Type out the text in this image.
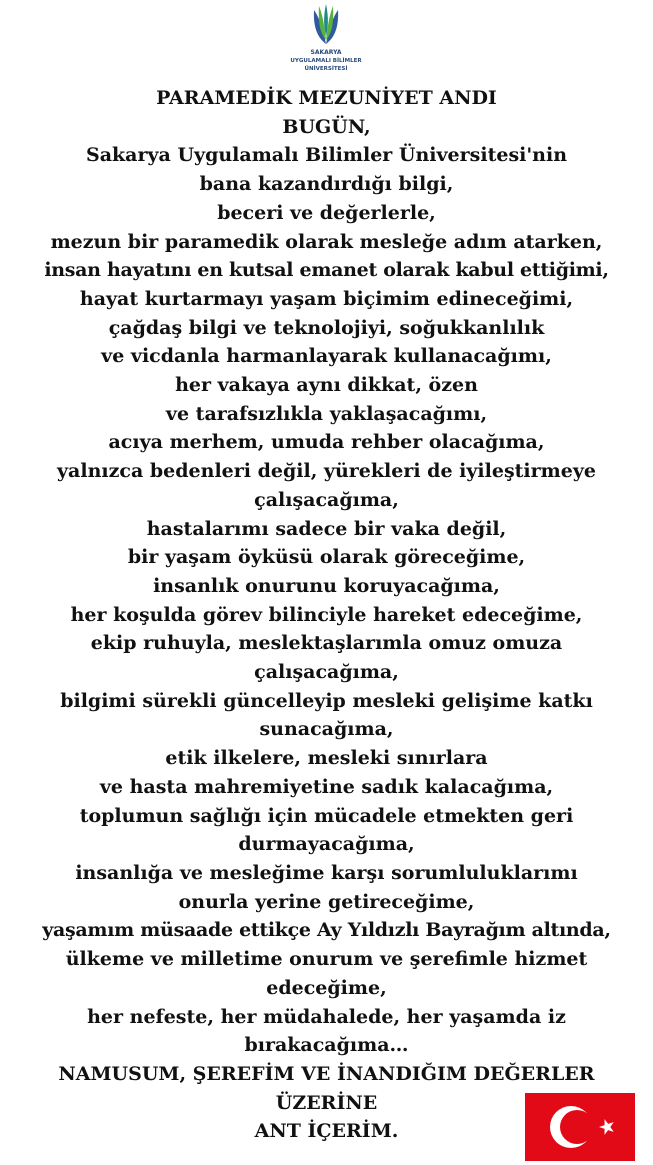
SAKARYA
UYGULAMALI BİLİMLER
ÜNİVERSİTESİ
PARAMEDİK MEZUNİYET ANDI
BUGÜN,
Sakarya Uygulamalı Bilimler Üniversitesi'nin
bana kazandırdığı bilgi,
beceri ve değerlerle,
mezun bir paramedik olarak mesleğe adım atarken,
insan hayatını en kutsal emanet olarak kabul ettiğimi,
hayat kurtarmayı yaşam biçimim edineceğimi,
çağdaş bilgi ve teknolojiyi, soğukkanlılık
ve vicdanla harmanlayarak kullanacağımı,
her vakaya aynı dikkat, özen
ve tarafsızlıkla yaklaşacağımı,
acıya merhem, umuda rehber olacağıma,
yalnızca bedenleri değil, yürekleri de iyileştirmeye
çalışacağıma,
hastalarımı sadece bir vaka değil,
bir yaşam öyküsü olarak göreceğime,
insanlık onurunu koruyacağıma,
her koşulda görev bilinciyle hareket edeceğime,
ekip ruhuyla, meslektaşlarımla omuz omuza
çalışacağıma,
bilgimi sürekli güncelleyip mesleki gelişime katkı
sunacağıma,
etik ilkelere, mesleki sınırlara
ve hasta mahremiyetine sadık kalacağıma,
toplumun sağlığı için mücadele etmekten geri
durmayacağıma,
insanlığa ve mesleğime karşı sorumluluklarımı
onurla yerine getireceğime,
yaşamım müsaade ettikçe Ay Yıldızlı Bayrağım altında,
ülkeme ve milletime onurum ve şerefimle hizmet
edeceğime,
her nefeste, her müdahalede, her yaşamda iz
bırakacağıma…
NAMUSUM, ŞEREFİM VE İNANDIĞIM DEĞERLER
ÜZERİNE
ANT İÇERİM.
